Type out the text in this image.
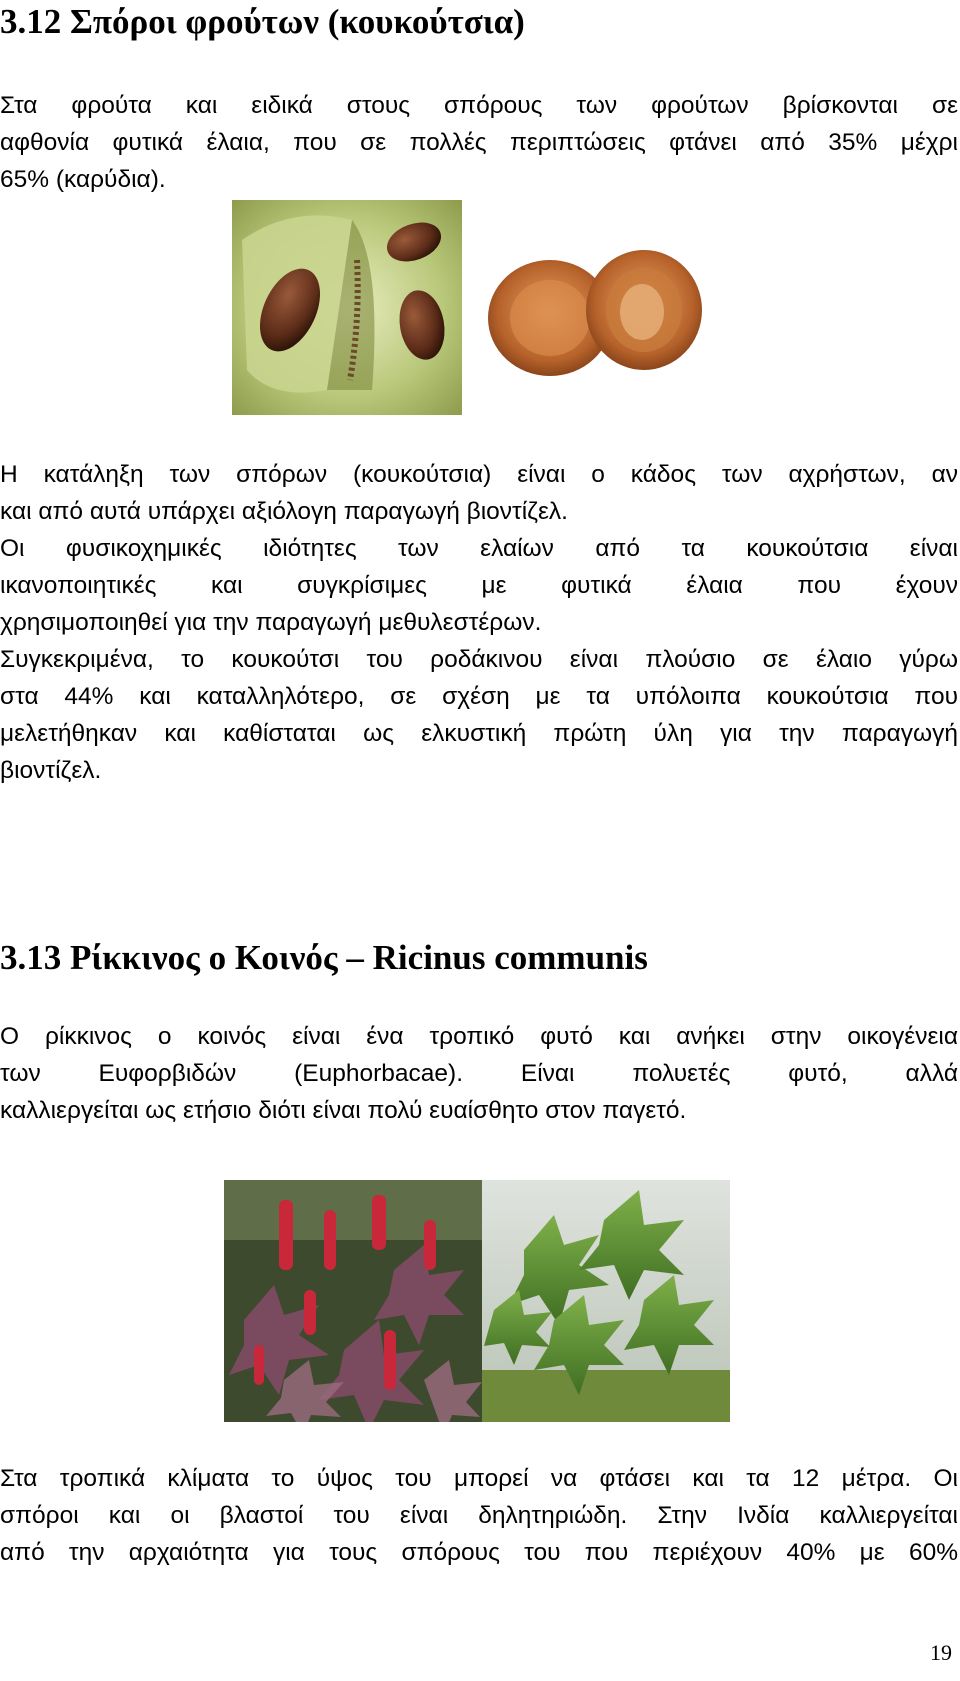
3.12 Σπόροι φρούτων (κουκούτσια)
Στα φρούτα και ειδικά στους σπόρους των φρούτων βρίσκονται σε
αφθονία φυτικά έλαια, που σε πολλές περιπτώσεις φτάνει από 35% μέχρι
65% (καρύδια).
Η κατάληξη των σπόρων (κουκούτσια) είναι ο κάδος των αχρήστων, αν
και από αυτά υπάρχει αξιόλογη παραγωγή βιοντίζελ.
Οι φυσικοχημικές ιδιότητες των ελαίων από τα κουκούτσια είναι
ικανοποιητικές και συγκρίσιμες με φυτικά έλαια που έχουν
χρησιμοποιηθεί για την παραγωγή μεθυλεστέρων.
Συγκεκριμένα, το κουκούτσι του ροδάκινου είναι πλούσιο σε έλαιο γύρω
στα 44% και καταλληλότερο, σε σχέση με τα υπόλοιπα κουκούτσια που
μελετήθηκαν και καθίσταται ως ελκυστική πρώτη ύλη για την παραγωγή
βιοντίζελ.
3.13 Ρίκκινος ο Κοινός – Ricinus communis
Ο ρίκκινος ο κοινός είναι ένα τροπικό φυτό και ανήκει στην οικογένεια
των Ευφορβιδών (Euphorbacae). Είναι πολυετές φυτό, αλλά
καλλιεργείται ως ετήσιο διότι είναι πολύ ευαίσθητο στον παγετό.
Στα τροπικά κλίματα το ύψος του μπορεί να φτάσει και τα 12 μέτρα. Οι
σπόροι και οι βλαστοί του είναι δηλητηριώδη. Στην Ινδία καλλιεργείται
από την αρχαιότητα για τους σπόρους του που περιέχουν 40% με 60%
19
